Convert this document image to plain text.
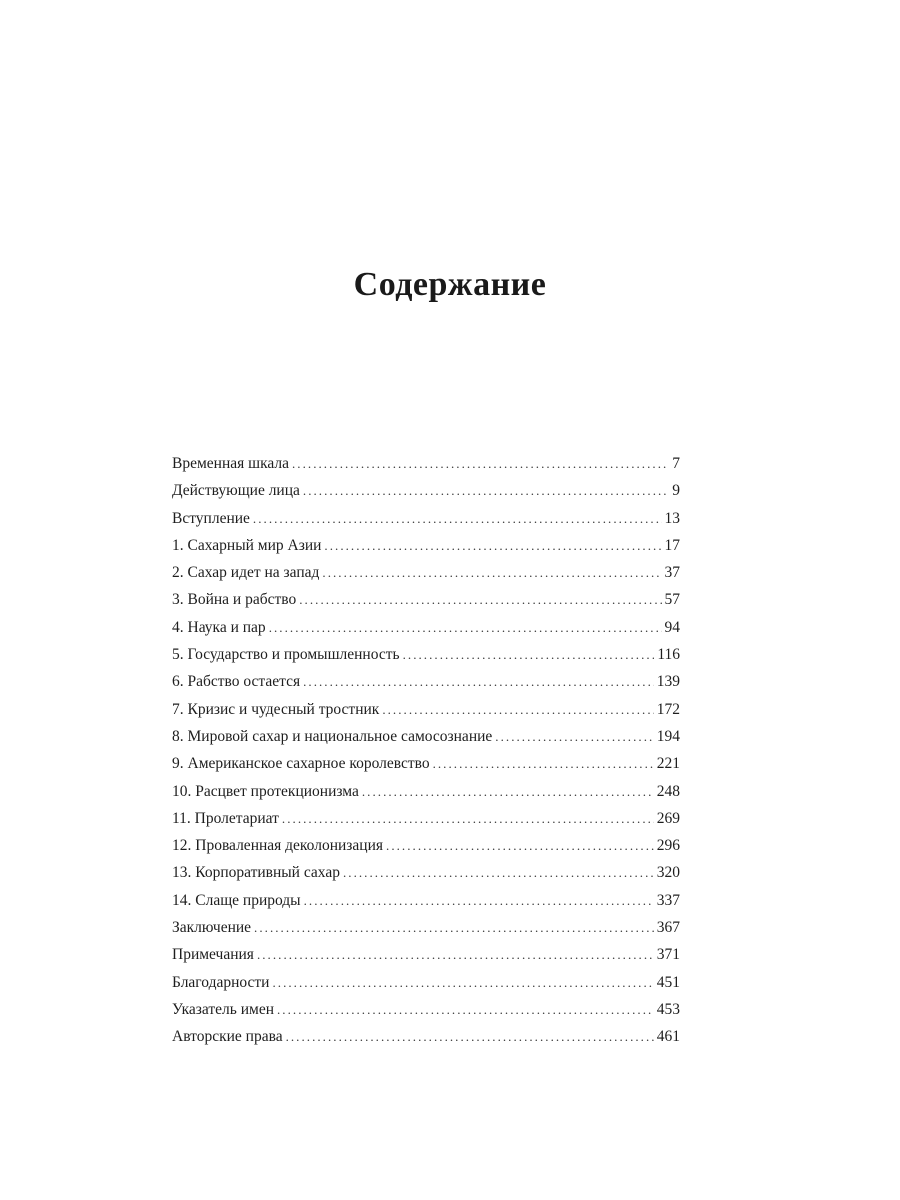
Содержание
Временная шкала . . .	7
Действующие лица . . .	9
Вступление . . .	13
1. Сахарный мир Азии . . .	17
2. Сахар идет на запад . . .	37
3. Война и рабство . . .	57
4. Наука и пар . . .	94
5. Государство и промышленность . . .	116
6. Рабство остается . . .	139
7. Кризис и чудесный тростник . . .	172
8. Мировой сахар и национальное самосознание . . .	194
9. Американское сахарное королевство . . .	221
10. Расцвет протекционизма . . .	248
11. Пролетариат . . .	269
12. Проваленная деколонизация . . .	296
13. Корпоративный сахар . . .	320
14. Слаще природы . . .	337
Заключение . . .	367
Примечания . . .	371
Благодарности . . .	451
Указатель имен . . .	453
Авторские права . . .	461
